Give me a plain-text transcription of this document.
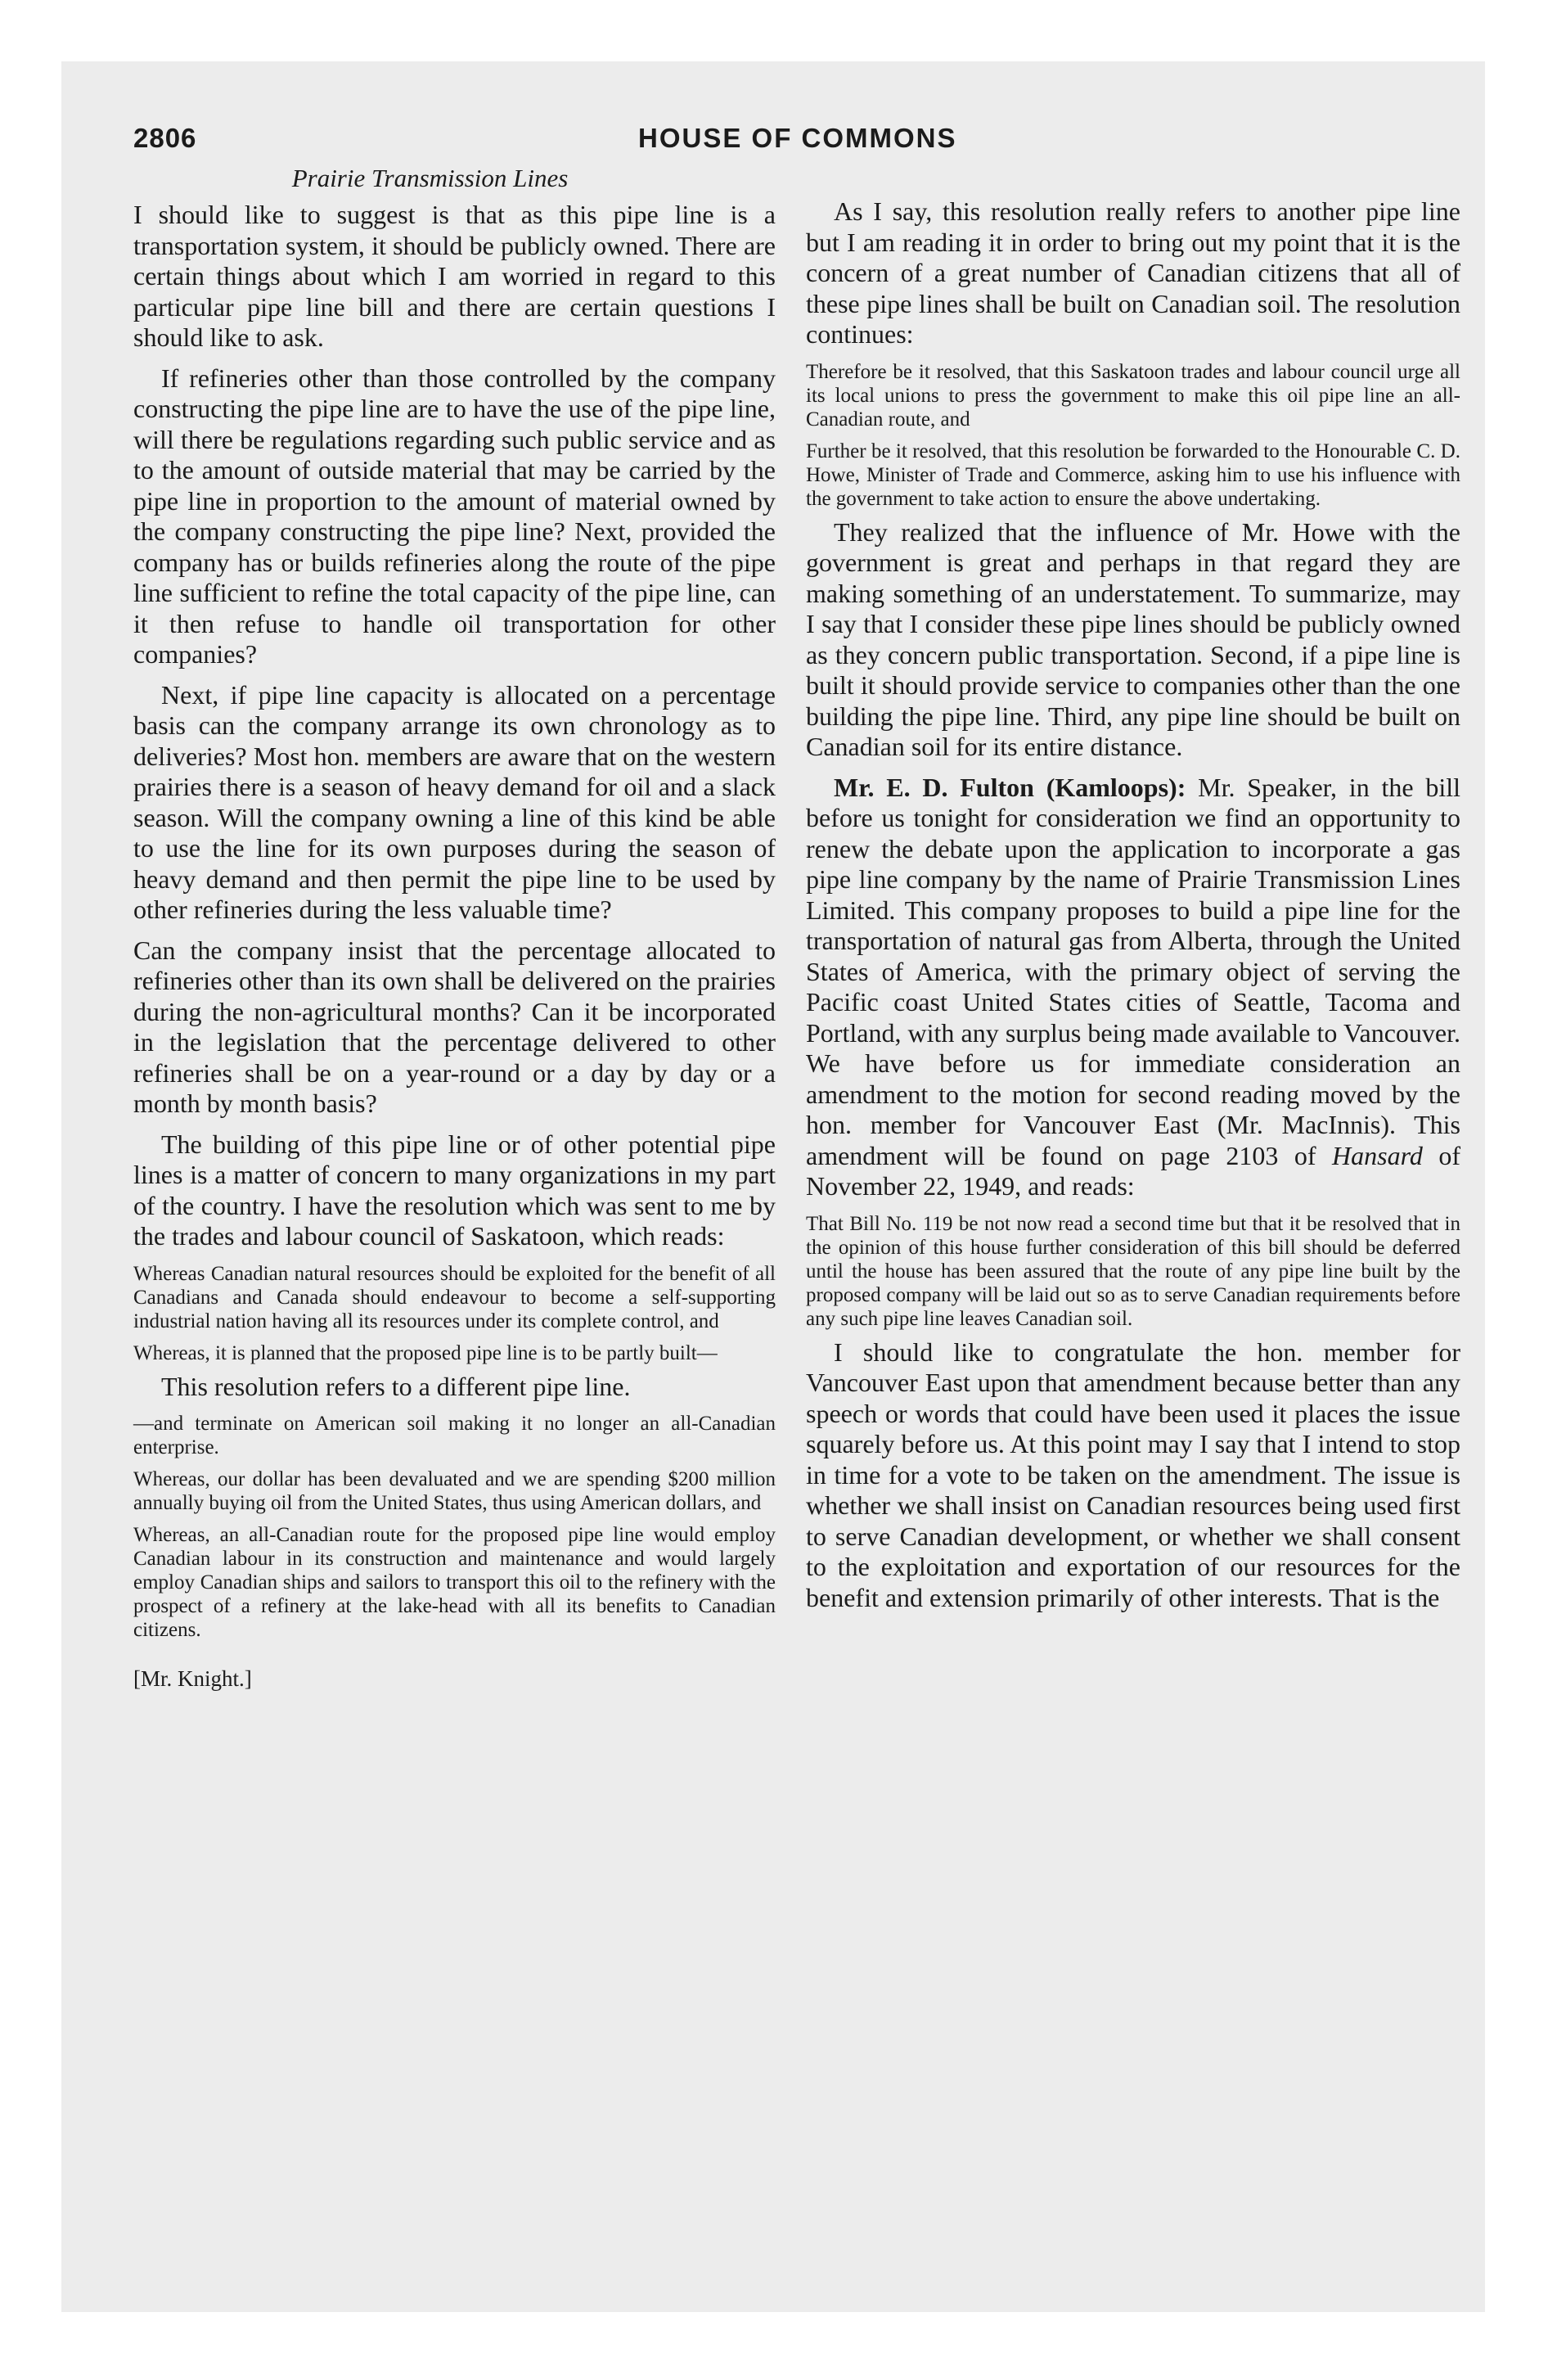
2806	HOUSE OF COMMONS
Prairie Transmission Lines

I should like to suggest is that as this pipe line is a transportation system, it should be publicly owned. There are certain things about which I am worried in regard to this particular pipe line bill and there are certain questions I should like to ask.

If refineries other than those controlled by the company constructing the pipe line are to have the use of the pipe line, will there be regulations regarding such public service and as to the amount of outside material that may be carried by the pipe line in proportion to the amount of material owned by the company constructing the pipe line? Next, provided the company has or builds refineries along the route of the pipe line sufficient to refine the total capacity of the pipe line, can it then refuse to handle oil transportation for other companies?

Next, if pipe line capacity is allocated on a percentage basis can the company arrange its own chronology as to deliveries? Most hon. members are aware that on the western prairies there is a season of heavy demand for oil and a slack season. Will the company owning a line of this kind be able to use the line for its own purposes during the season of heavy demand and then permit the pipe line to be used by other refineries during the less valuable time?

Can the company insist that the percentage allocated to refineries other than its own shall be delivered on the prairies during the non-agricultural months? Can it be incorporated in the legislation that the percentage delivered to other refineries shall be on a year-round or a day by day or a month by month basis?

The building of this pipe line or of other potential pipe lines is a matter of concern to many organizations in my part of the country. I have the resolution which was sent to me by the trades and labour council of Saskatoon, which reads:

Whereas Canadian natural resources should be exploited for the benefit of all Canadians and Canada should endeavour to become a self-supporting industrial nation having all its resources under its complete control, and

Whereas, it is planned that the proposed pipe line is to be partly built—

This resolution refers to a different pipe line.

—and terminate on American soil making it no longer an all-Canadian enterprise.

Whereas, our dollar has been devaluated and we are spending $200 million annually buying oil from the United States, thus using American dollars, and

Whereas, an all-Canadian route for the proposed pipe line would employ Canadian labour in its construction and maintenance and would largely employ Canadian ships and sailors to transport this oil to the refinery with the prospect of a refinery at the lake-head with all its benefits to Canadian citizens.

[Mr. Knight.]

As I say, this resolution really refers to another pipe line but I am reading it in order to bring out my point that it is the concern of a great number of Canadian citizens that all of these pipe lines shall be built on Canadian soil. The resolution continues:

Therefore be it resolved, that this Saskatoon trades and labour council urge all its local unions to press the government to make this oil pipe line an all-Canadian route, and

Further be it resolved, that this resolution be forwarded to the Honourable C. D. Howe, Minister of Trade and Commerce, asking him to use his influence with the government to take action to ensure the above undertaking.

They realized that the influence of Mr. Howe with the government is great and perhaps in that regard they are making something of an understatement. To summarize, may I say that I consider these pipe lines should be publicly owned as they concern public transportation. Second, if a pipe line is built it should provide service to companies other than the one building the pipe line. Third, any pipe line should be built on Canadian soil for its entire distance.

Mr. E. D. Fulton (Kamloops): Mr. Speaker, in the bill before us tonight for consideration we find an opportunity to renew the debate upon the application to incorporate a gas pipe line company by the name of Prairie Transmission Lines Limited. This company proposes to build a pipe line for the transportation of natural gas from Alberta, through the United States of America, with the primary object of serving the Pacific coast United States cities of Seattle, Tacoma and Portland, with any surplus being made available to Vancouver. We have before us for immediate consideration an amendment to the motion for second reading moved by the hon. member for Vancouver East (Mr. MacInnis). This amendment will be found on page 2103 of Hansard of November 22, 1949, and reads:

That Bill No. 119 be not now read a second time but that it be resolved that in the opinion of this house further consideration of this bill should be deferred until the house has been assured that the route of any pipe line built by the proposed company will be laid out so as to serve Canadian requirements before any such pipe line leaves Canadian soil.

I should like to congratulate the hon. member for Vancouver East upon that amendment because better than any speech or words that could have been used it places the issue squarely before us. At this point may I say that I intend to stop in time for a vote to be taken on the amendment. The issue is whether we shall insist on Canadian resources being used first to serve Canadian development, or whether we shall consent to the exploitation and exportation of our resources for the benefit and extension primarily of other interests. That is the
